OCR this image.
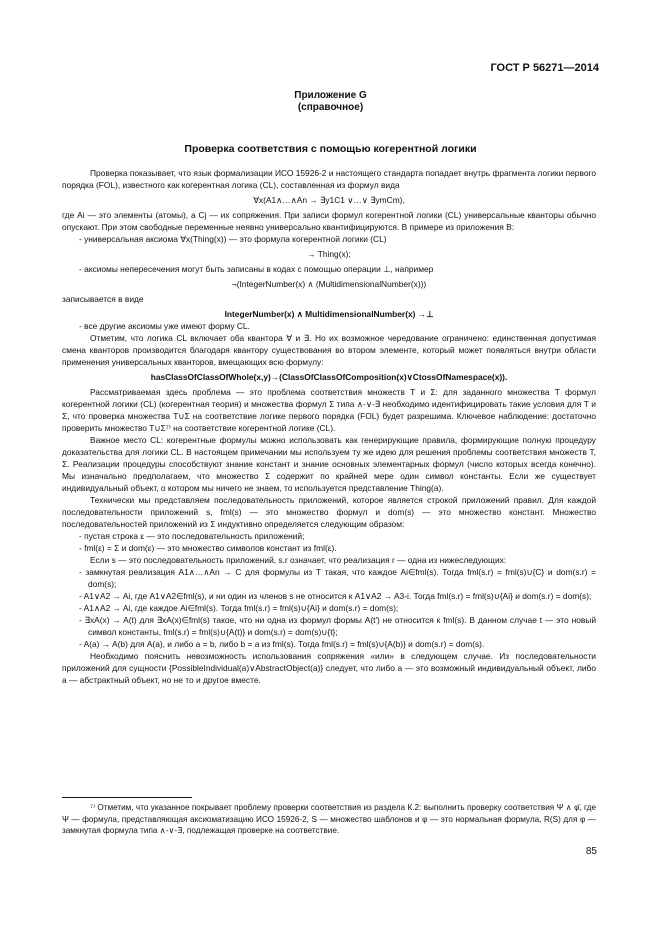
ГОСТ Р 56271—2014
Приложение G
(справочное)
Проверка соответствия с помощью когерентной логики

Проверка показывает, что язык формализации ИСО 15926-2 и настоящего стандарта попадает внутрь фрагмента логики первого порядка (FOL), известного как когерентная логика (CL), составленная из формул вида

∀x(A1∧…∧An → ∃y1C1 ∨…∨ ∃ymCm),

где Ai — это элементы (атомы), а Cj — их сопряжения. При записи формул когерентной логики (CL) универсальные кванторы обычно опускают. При этом свободные переменные неявно универсально квантифицируются. В примере из приложения В:

- универсальная аксиома ∀x(Thing(x)) — это формула когерентной логики (CL)

→ Thing(x);

- аксиомы непересечения могут быть записаны в кодах с помощью операции ⊥, например

¬(IntegerNumber(x) ∧ (MultidimensionalNumber(x)))

записывается в виде

IntegerNumber(x) ∧ MultidimensionalNumber(x) →⊥

- все другие аксиомы уже имеют форму CL.

Отметим, что логика CL включает оба квантора ∀ и ∃. Но их возможное чередование ограничено: единственная допустимая смена кванторов производится благодаря квантору существования во втором элементе, который может появляться внутри области применения универсальных кванторов, вмещающих всю формулу:

hasClassOfClassOfWhole(x,y)→(ClassOfClassOfComposition(x)∨CtossOfNamespace(x)).

Рассматриваемая здесь проблема — это проблема соответствия множеств Т и Σ: для заданного множества Т формул когерентной логики (CL) (когерентная теория) и множества формул Σ типа ∧-∨-∃ необходимо идентифицировать такие условия для Т и Σ, что проверка множества Т∪Σ на соответствие логике первого порядка (FOL) будет разрешима. Ключевое наблюдение: достаточно проверить множество Т∪Σ⁷⁾ на соответствие когерентной логике (CL).

Важное место CL: когерентные формулы можно использовать как генерирующие правила, формирующие полную процедуру доказательства для логики CL. В настоящем примечании мы используем ту же идею для решения проблемы соответствия множеств Т, Σ. Реализации процедуры способствуют знание констант и знание основных элементарных формул (число которых всегда конечно). Мы изначально предполагаем, что множество Σ содержит по крайней мере один символ константы. Если же существует индивидуальный объект, о котором мы ничего не знаем, то используется представление Thing(a).

Технически мы представляем последовательность приложений, которое является строкой приложений правил. Для каждой последовательности приложений s, fml(s) — это множество формул и dom(s) — это множество констант. Множество последовательностей приложений из Σ индуктивно определяется следующим образом:

- пустая строка ε — это последовательность приложений;

- fml(ε) = Σ и dom(ε) — это множество символов констант из fml(ε).

Если s — это последовательность приложений, s.r означает, что реализация r — одна из нижеследующих:

- замкнутая реализация A1∧…∧An → C для формулы из Т такая, что каждое Ai∈fml(s). Тогда fml(s.r) = fml(s)∪{C} и dom(s.r) = dom(s);

- A1∨A2 → Ai, где A1∨A2∈fml(s), и ни один из членов s не относится к A1∨A2 → A3-i. Тогда fml(s.r) = fml(s)∪{Ai} и dom(s.r) = dom(s);

- A1∧A2 → Ai, где каждое Ai∈fml(s). Тогда fml(s.r) = fml(s)∪{Ai} и dom(s.r) = dom(s);

- ∃xA(x) → A(t) для ∃xA(x)∈fml(s) такое, что ни одна из формул формы A(t′) не относится к fml(s). В данном случае t — это новый символ константы, fml(s.r) = fml(s)∪{A(t)} и dom(s.r) = dom(s)∪{t};

- A(a) → A(b) для A(a), и либо a = b, либо b = a из fml(s). Тогда fml(s.r) = fml(s)∪{A(b)} и dom(s.r) = dom(s).

Необходимо пояснить невозможность использования сопряжения «или» в следующем случае. Из последовательности приложений для сущности {PossibleIndividual(a)∨AbstractObject(a)} следует, что либо a — это возможный индивидуальный объект, либо a — абстрактный объект, но не то и другое вместе.

⁷⁾ Отметим, что указанное покрывает проблему проверки соответствия из раздела К.2: выполнить проверку соответствия Ψ ∧ φ̄, где Ψ — формула, представляющая аксиоматизацию ИСО 15926-2, S — множество шаблонов и φ — это нормальная формула, R(S) для φ — замкнутая формула типа ∧-∨-∃, подлежащая проверке на соответствие.

85
